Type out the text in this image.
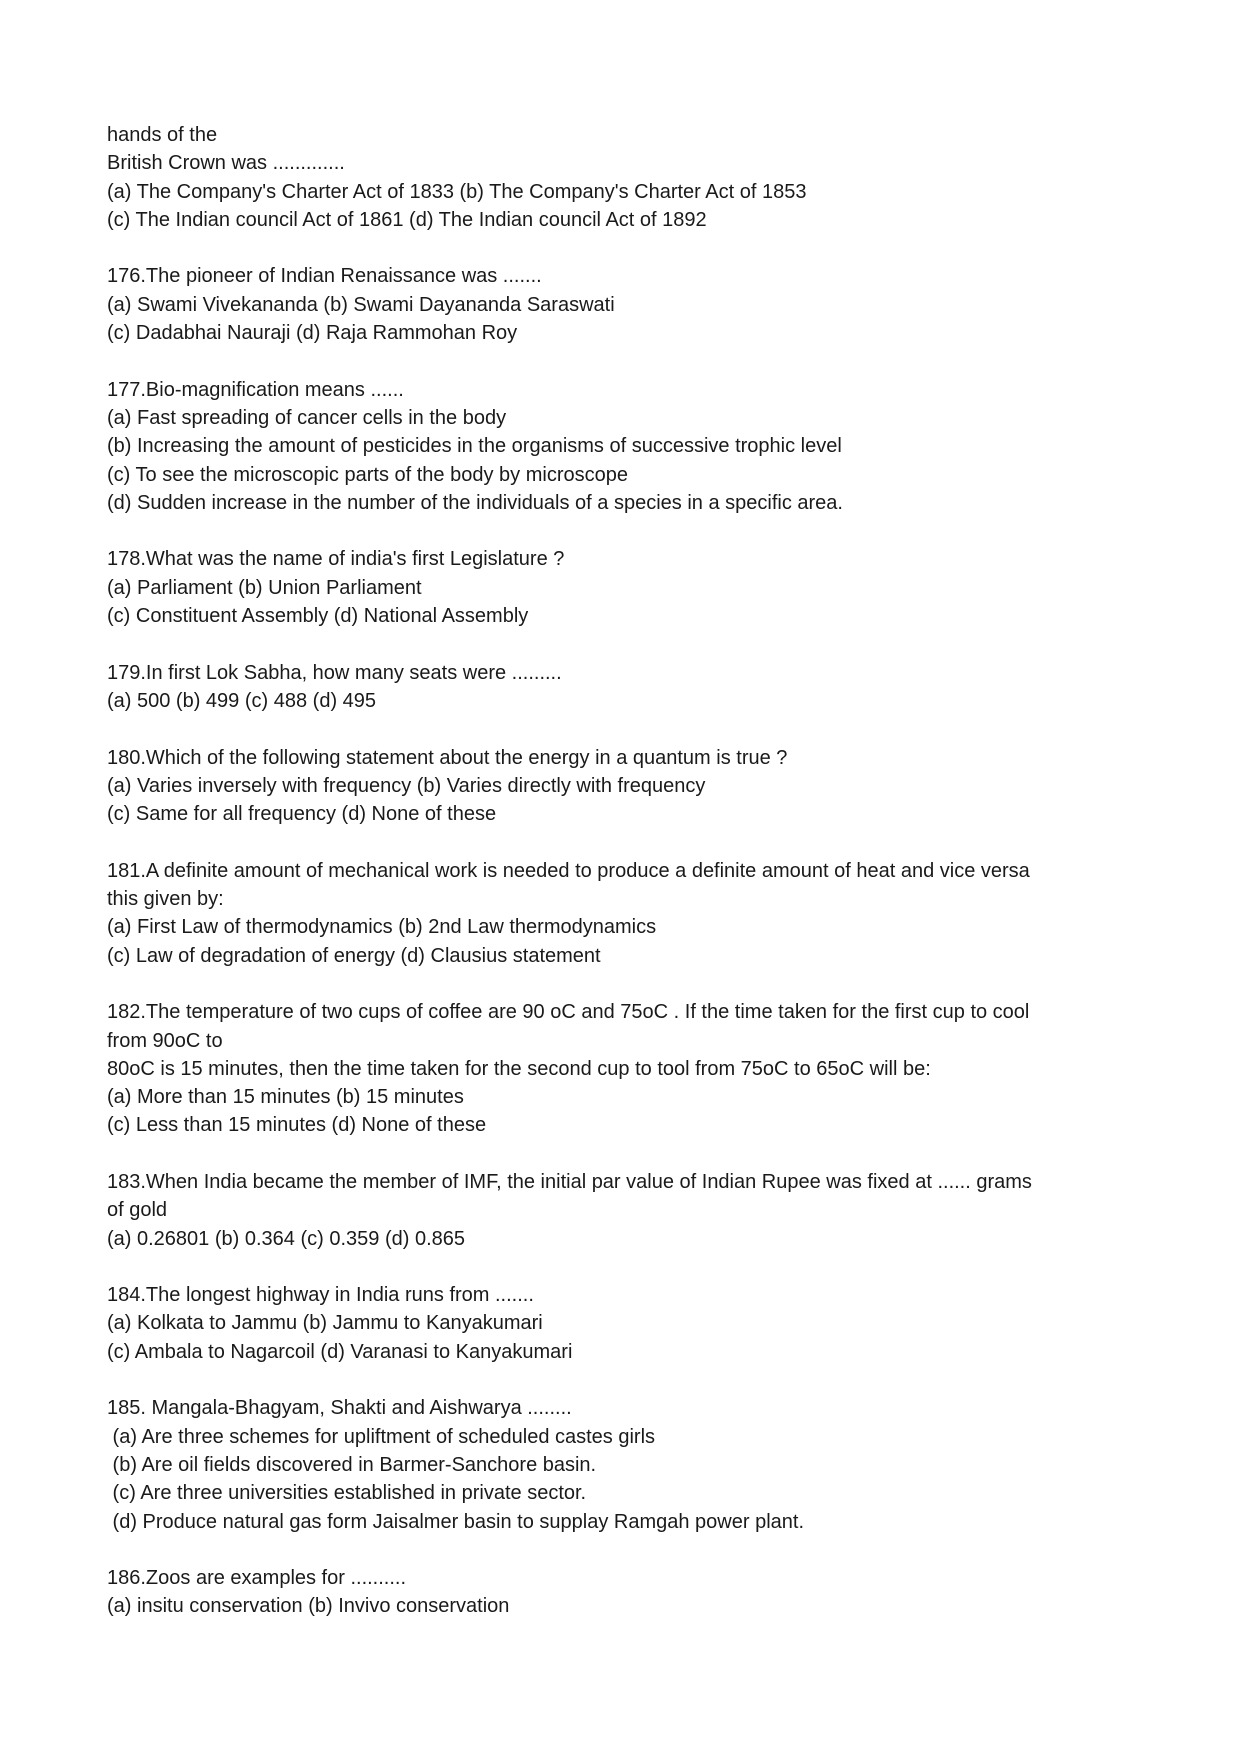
hands of the
British Crown was .............
(a) The Company's Charter Act of 1833 (b) The Company's Charter Act of 1853
(c) The Indian council Act of 1861 (d) The Indian council Act of 1892
176.The pioneer of Indian Renaissance was .......
(a) Swami Vivekananda (b) Swami Dayananda Saraswati
(c) Dadabhai Nauraji (d) Raja Rammohan Roy
177.Bio-magnification means ......
(a) Fast spreading of cancer cells in the body
(b) Increasing the amount of pesticides in the organisms of successive trophic level
(c) To see the microscopic parts of the body by microscope
(d) Sudden increase in the number of the individuals of a species in a specific area.
178.What was the name of india's first Legislature ?
(a) Parliament (b) Union Parliament
(c) Constituent Assembly (d) National Assembly
179.In first Lok Sabha, how many seats were .........
(a) 500 (b) 499 (c) 488 (d) 495
180.Which of the following statement about the energy in a quantum is true ?
(a) Varies inversely with frequency (b) Varies directly with frequency
(c) Same for all frequency (d) None of these
181.A definite amount of mechanical work is needed to produce a definite amount of heat and vice versa
this given by:
(a) First Law of thermodynamics (b) 2nd Law thermodynamics
(c) Law of degradation of energy (d) Clausius statement
182.The temperature of two cups of coffee are 90 oC and 75oC . If the time taken for the first cup to cool
from 90oC to
80oC is 15 minutes, then the time taken for the second cup to tool from 75oC to 65oC will be:
(a) More than 15 minutes (b) 15 minutes
(c) Less than 15 minutes (d) None of these
183.When India became the member of IMF, the initial par value of Indian Rupee was fixed at ...... grams
of gold
(a) 0.26801 (b) 0.364 (c) 0.359 (d) 0.865
184.The longest highway in India runs from .......
(a) Kolkata to Jammu (b) Jammu to Kanyakumari
(c) Ambala to Nagarcoil (d) Varanasi to Kanyakumari
185. Mangala-Bhagyam, Shakti and Aishwarya ........
(a) Are three schemes for upliftment of scheduled castes girls
(b) Are oil fields discovered in Barmer-Sanchore basin.
(c) Are three universities established in private sector.
(d) Produce natural gas form Jaisalmer basin to supplay Ramgah power plant.
186.Zoos are examples for ..........
(a) insitu conservation (b) Invivo conservation
